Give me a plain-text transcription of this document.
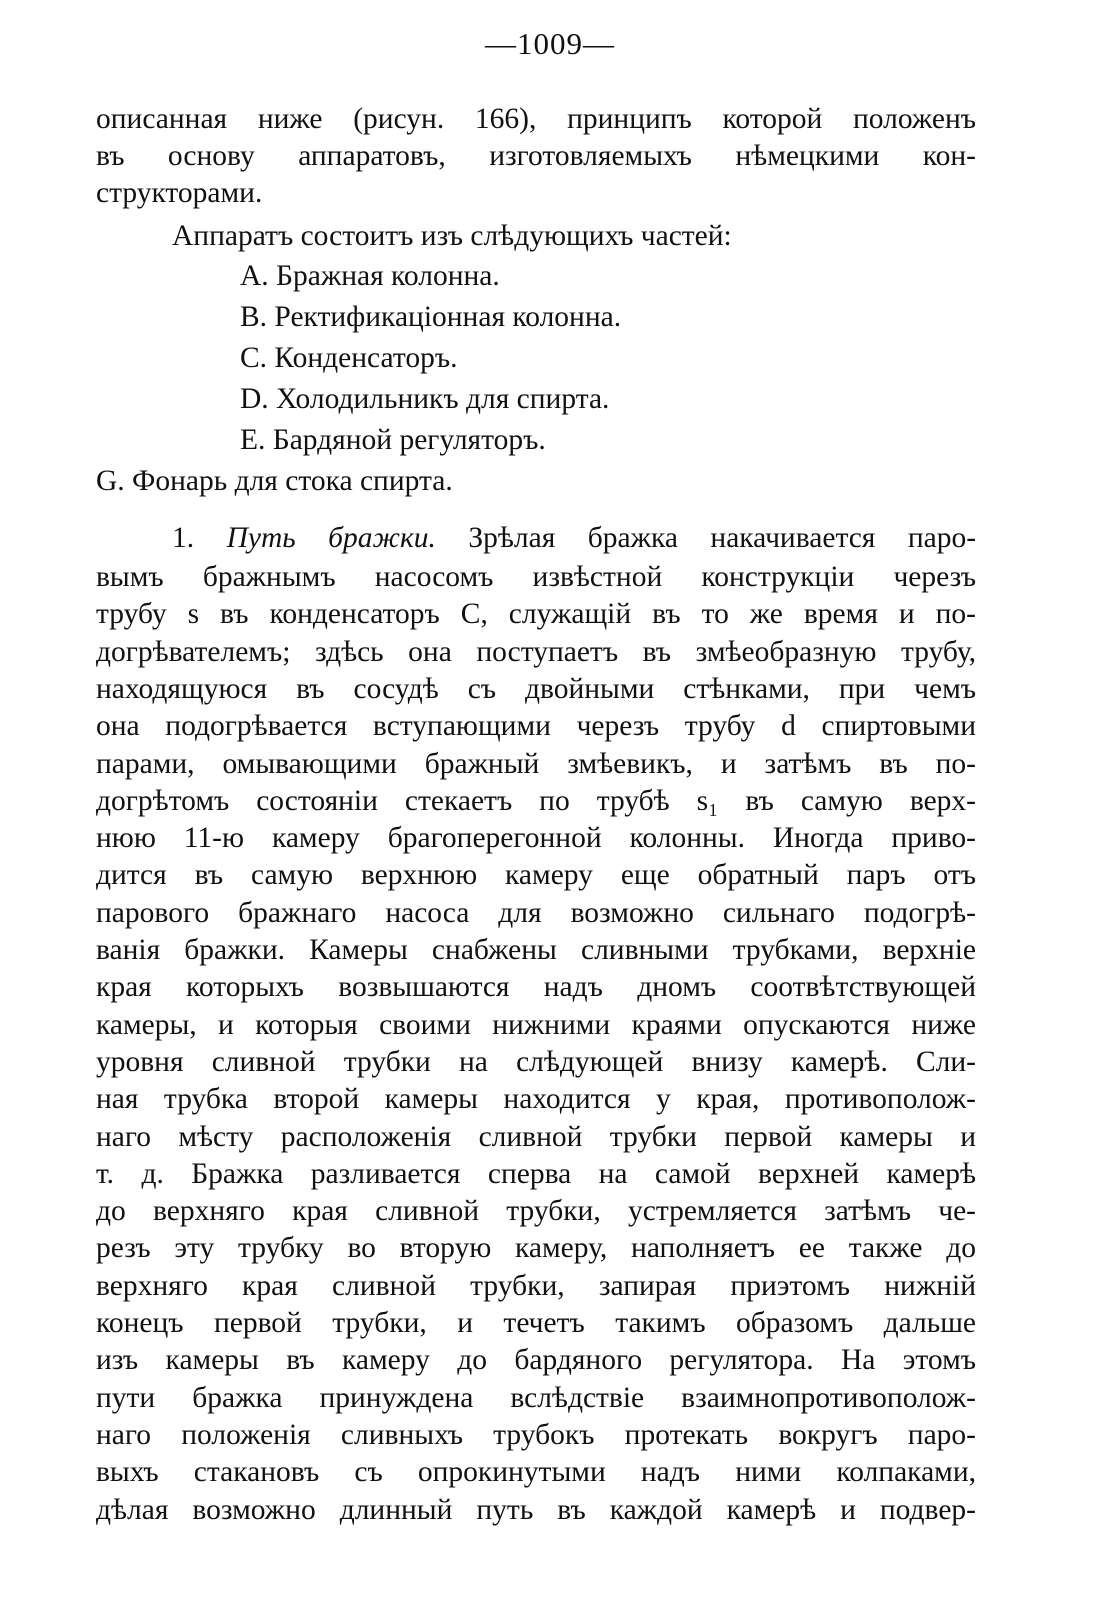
—1009—
описанная ниже (рисун. 166), принципъ которой положенъ
въ основу аппаратовъ, изготовляемыхъ нѣмецкими кон-
структорами.
Аппаратъ состоитъ изъ слѣдующихъ частей:
А. Бражная колонна.
B. Ректификаціонная колонна.
C. Конденсаторъ.
D. Холодильникъ для спирта.
E. Бардяной регуляторъ.
G. Фонарь для стока спирта.
1. Путь бражки. Зрѣлая бражка накачивается паро-
вымъ бражнымъ насосомъ извѣстной конструкціи черезъ
трубу s въ конденсаторъ C, служащій въ то же время и по-
догрѣвателемъ; здѣсь она поступаетъ въ змѣеобразную трубу,
находящуюся въ сосудѣ съ двойными стѣнками, при чемъ
она подогрѣвается вступающими черезъ трубу d спиртовыми
парами, омывающими бражный змѣевикъ, и затѣмъ въ по-
догрѣтомъ состояніи стекаетъ по трубѣ s₁ въ самую верх-
нюю 11-ю камеру брагоперегонной колонны. Иногда приво-
дится въ самую верхнюю камеру еще обратный паръ отъ
паровoго бражнаго насоса для возможно сильнаго подогрѣ-
ванія бражки. Камеры снабжены сливными трубками, верхніе
края которыхъ возвышаются надъ дномъ соотвѣтствующей
камеры, и которыя своими нижними краями опускаются ниже
уровня сливной трубки на слѣдующей внизу камерѣ. Сли-
ная трубка второй камеры находится у края, противополож-
наго мѣсту расположенія сливной трубки первой камеры и
т. д. Бражка разливается сперва на самой верхней камерѣ
до верхняго края сливной трубки, устремляется затѣмъ че-
резъ эту трубку во вторую камеру, наполняетъ ее также до
верхняго края сливной трубки, запирая приэтомъ нижній
конецъ первой трубки, и течетъ такимъ образомъ дальше
изъ камеры въ камеру до бардяного регулятора. На этомъ
пути бражка принуждена вслѣдствіе взаимнопротивополож-
наго положенія сливныхъ трубокъ протекать вокругъ паро-
выхъ стакановъ съ опрокинутыми надъ ними колпаками,
дѣлая возможно длинный путь въ каждой камерѣ и подвер-
